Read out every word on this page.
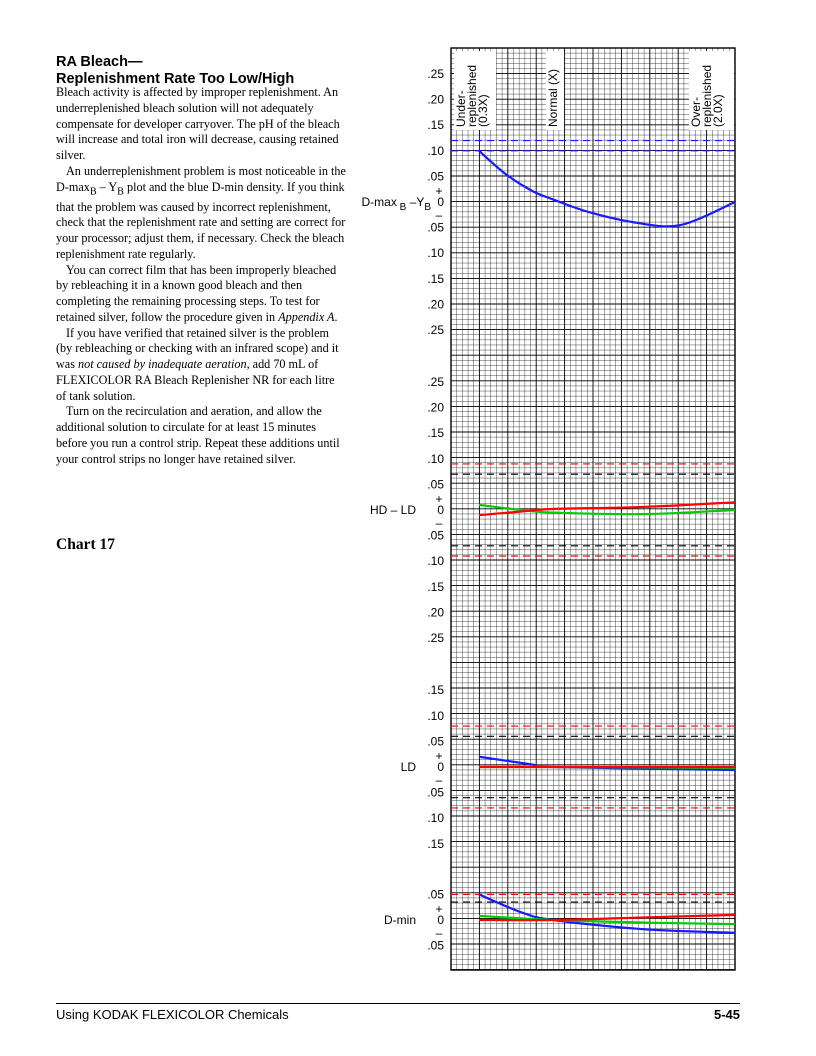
RA Bleach—
Replenishment Rate Too Low/High

Bleach activity is affected by improper replenishment. An underreplenished bleach solution will not adequately compensate for developer carryover. The pH of the bleach will increase and total iron will decrease, causing retained silver.

An underreplenishment problem is most noticeable in the $D-\max_B - Y_B$ plot and the blue D-min density. If you think that the problem was caused by incorrect replenishment, check that the replenishment rate and setting are correct for your processor; adjust them, if necessary. Check the bleach replenishment rate regularly.

You can correct film that has been improperly bleached by rebleaching it in a known good bleach and then completing the remaining processing steps. To test for retained silver, follow the procedure given in Appendix A.

If you have verified that retained silver is the problem (by rebleaching or checking with an infrared scope) and it was not caused by inadequate aeration, add 70 mL of FLEXICOLOR RA Bleach Replenisher NR for each litre of tank solution.

Turn on the recirculation and aeration, and allow the additional solution to circulate for at least 15 minutes before you run a control strip. Repeat these additions until your control strips no longer have retained silver.

Chart 17
Under-
replenished
(0.3X)	Normal (X)	Over-
replenished
(2.0X)
0
+
–
.25
.20
.15
.10
.05
.05
.10
.15
.20
.25
D-max $_B$ $-Y_B$
0
+
–
.25
.20
.15
.10
.05
.05
.10
.15
.20
.25
HD – LD
0
+
–
.15
.10
.05
.05
.10
.15
LD
0
+
–
.05
.05
D-min
Using KODAK FLEXICOLOR Chemicals	5-45
